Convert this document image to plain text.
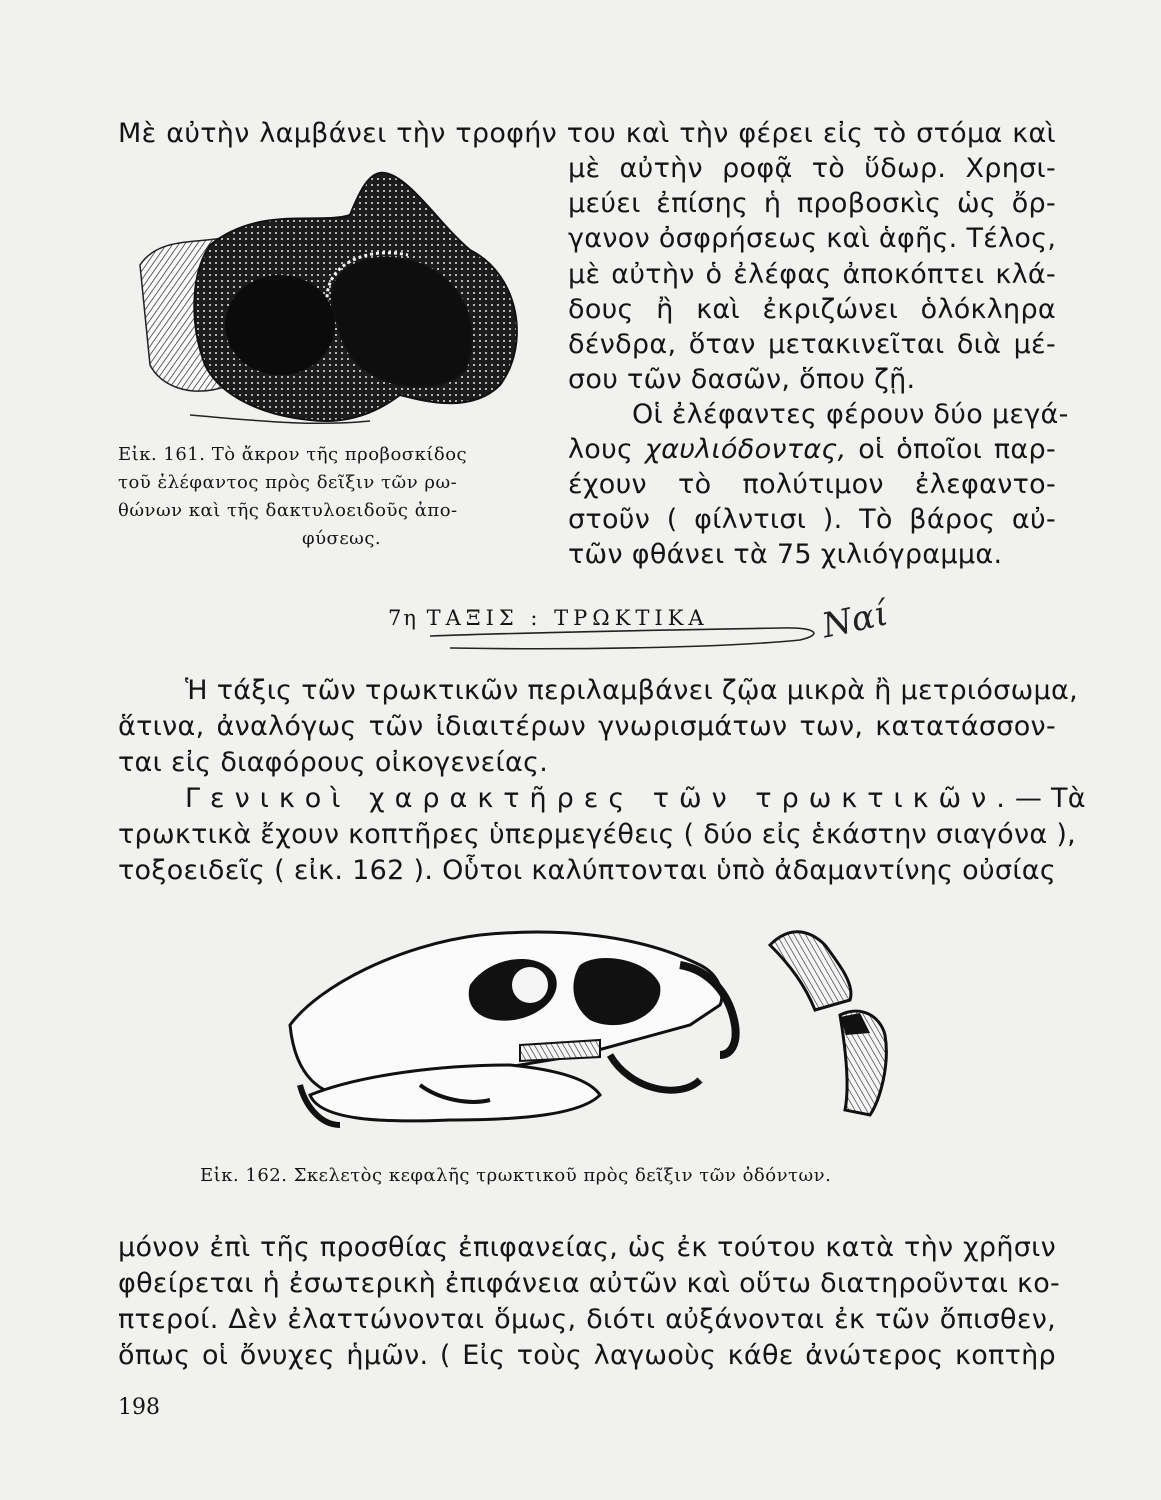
Μὲ αὐτὴν λαμβάνει τὴν τροφήν του καὶ τὴν φέρει εἰς τὸ στόμα καὶ
μὲ αὐτὴν ροφᾷ τὸ ὕδωρ. Χρησι-
μεύει ἐπίσης ἡ προβοσκὶς ὡς ὄρ-
γανον ὀσφρήσεως καὶ ἁφῆς. Τέλος,
μὲ αὐτὴν ὁ ἐλέφας ἀποκόπτει κλά-
δους ἢ καὶ ἐκριζώνει ὁλόκληρα
δένδρα, ὅταν μετακινεῖται διὰ μέ-
σου τῶν δασῶν, ὅπου ζῇ.
Οἱ ἐλέφαντες φέρουν δύο μεγά-
λους χαυλιόδοντας, οἱ ὁποῖοι παρ-
έχουν τὸ πολύτιμον ἐλεφαντο-
στοῦν ( φίλντισι ). Τὸ βάρος αὐ-
τῶν φθάνει τὰ 75 χιλιόγραμμα.
Εἰκ. 161. Τὸ ἄκρον τῆς προβοσκίδος
τοῦ ἐλέφαντος πρὸς δεῖξιν τῶν ρω-
θώνων καὶ τῆς δακτυλοειδοῦς ἀπο-
φύσεως.
7η ΤΑΞΙΣ : ΤΡΩΚΤΙΚΑ	Ναί
Ἡ τάξις τῶν τρωκτικῶν περιλαμβάνει ζῷα μικρὰ ἢ μετριόσωμα,
ἅτινα, ἀναλόγως τῶν ἰδιαιτέρων γνωρισμάτων των, κατατάσσον-
ται εἰς διαφόρους οἰκογενείας.
Γενικοὶ χαρακτῆρες τῶν τρωκτικῶν.— Τὰ
τρωκτικὰ ἔχουν κοπτῆρες ὑπερμεγέθεις ( δύο εἰς ἑκάστην σιαγόνα ),
τοξοειδεῖς ( εἰκ. 162 ). Οὗτοι καλύπτονται ὑπὸ ἀδαμαντίνης οὐσίας
Εἰκ. 162. Σκελετὸς κεφαλῆς τρωκτικοῦ πρὸς δεῖξιν τῶν ὀδόντων.
μόνον ἐπὶ τῆς προσθίας ἐπιφανείας, ὡς ἐκ τούτου κατὰ τὴν χρῆσιν
φθείρεται ἡ ἐσωτερικὴ ἐπιφάνεια αὐτῶν καὶ οὕτω διατηροῦνται κο-
πτεροί. Δὲν ἐλαττώνονται ὅμως, διότι αὐξάνονται ἐκ τῶν ὄπισθεν,
ὅπως οἱ ὄνυχες ἡμῶν. ( Εἰς τοὺς λαγωοὺς κάθε ἀνώτερος κοπτὴρ
198
